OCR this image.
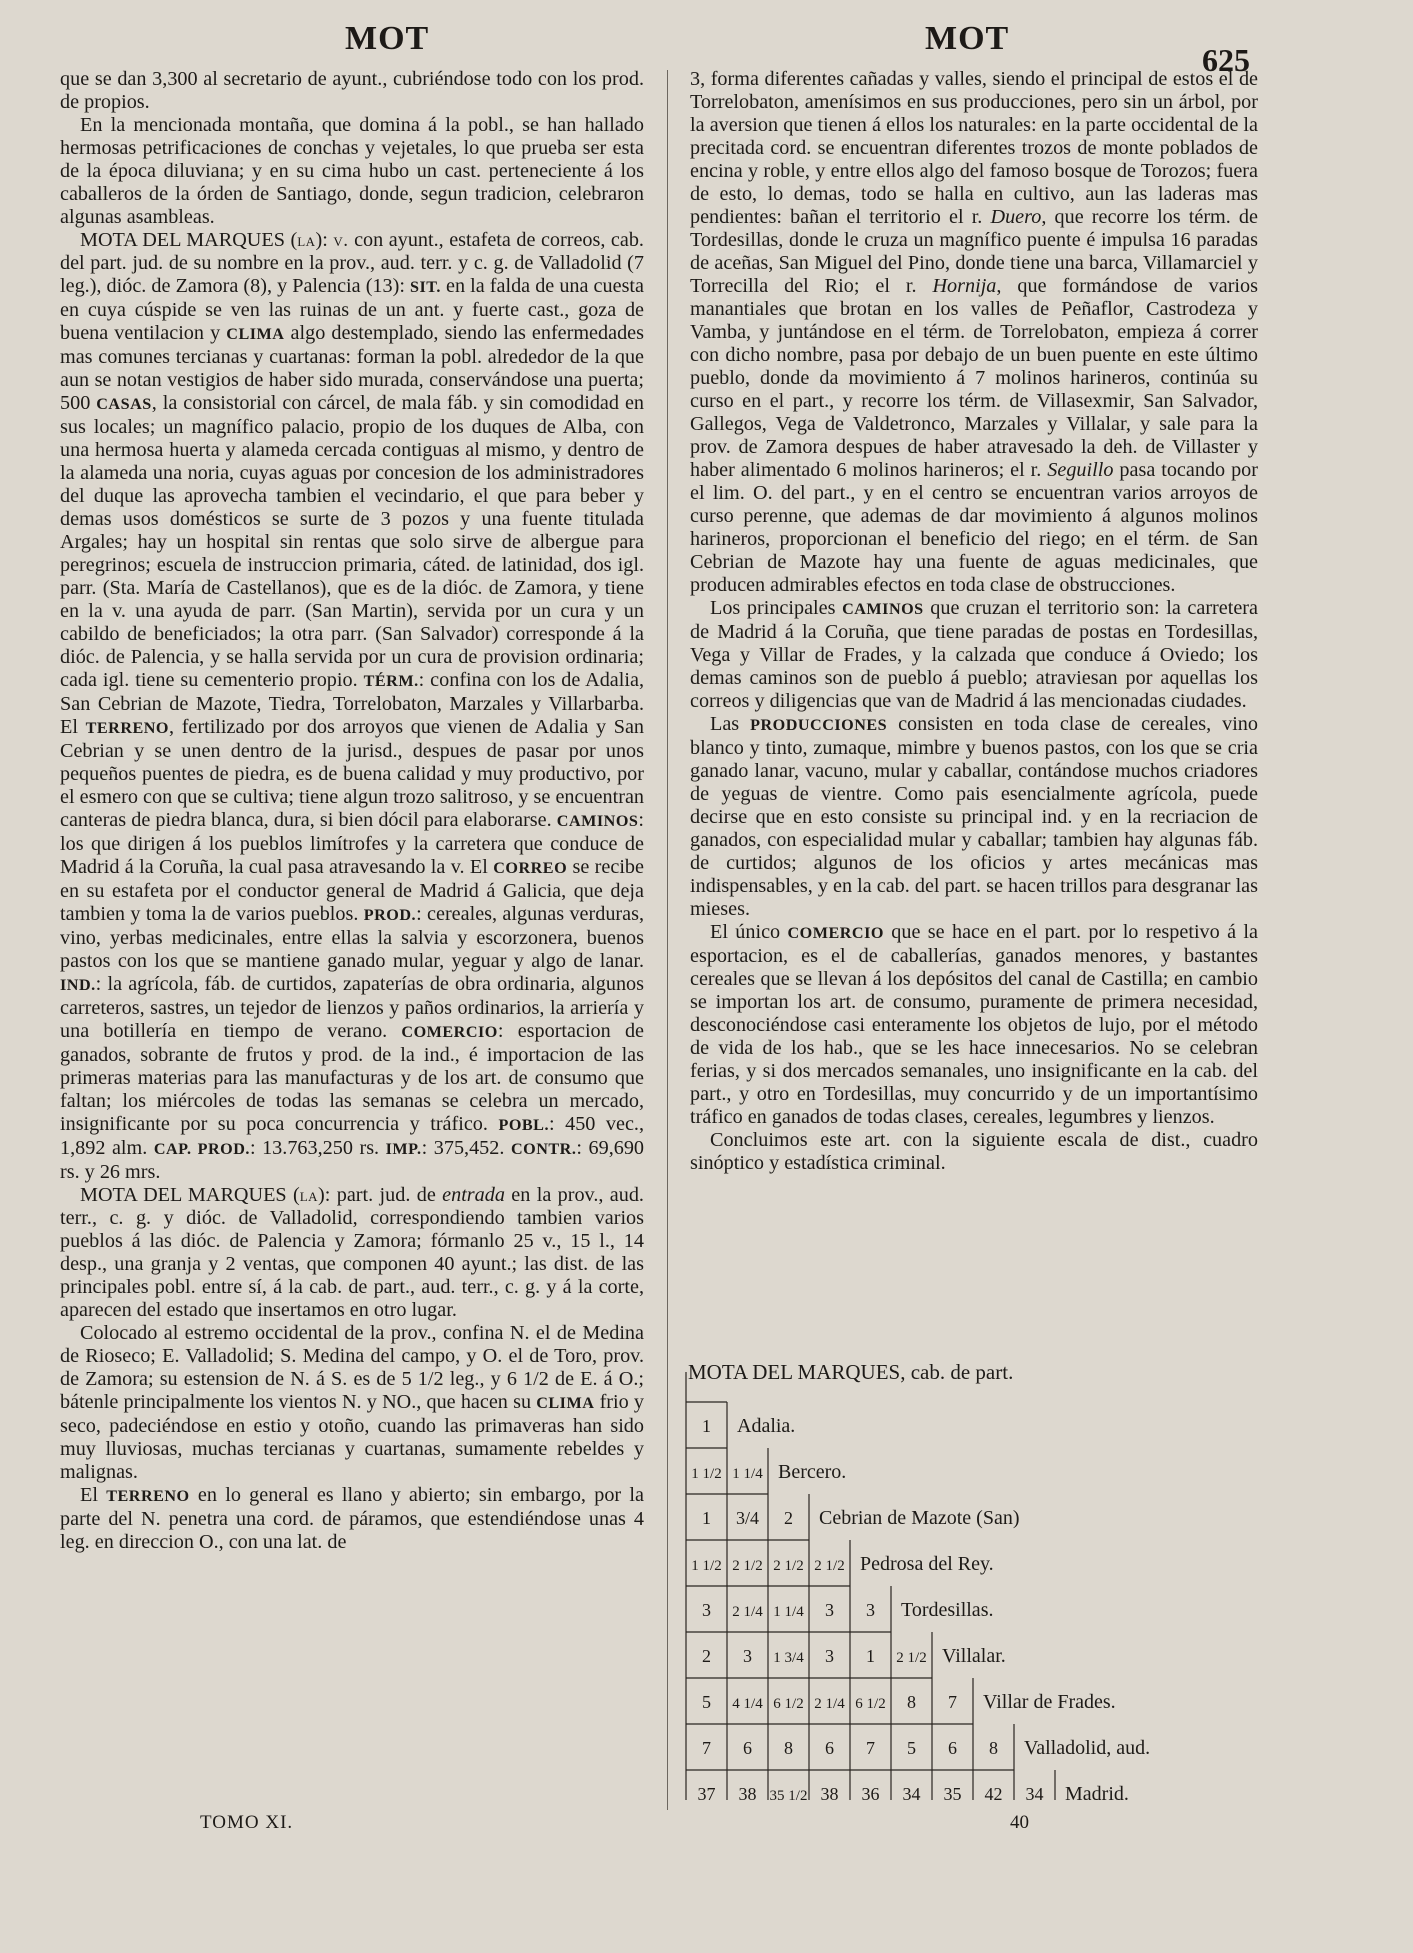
MOT	MOT
625

que se dan 3,300 al secretario de ayunt., cubriéndose todo con los prod. de propios.

En la mencionada montaña, que domina á la pobl., se han hallado hermosas petrificaciones de conchas y vejetales, lo que prueba ser esta de la época diluviana; y en su cima hubo un cast. perteneciente á los caballeros de la órden de Santiago, donde, segun tradicion, celebraron algunas asambleas.

MOTA DEL MARQUES (la): v. con ayunt., estafeta de correos, cab. del part. jud. de su nombre en la prov., aud. terr. y c. g. de Valladolid (7 leg.), dióc. de Zamora (8), y Palencia (13): SIT. en la falda de una cuesta en cuya cúspide se ven las ruinas de un ant. y fuerte cast., goza de buena ventilacion y CLIMA algo destemplado, siendo las enfermedades mas comunes tercianas y cuartanas: forman la pobl. alrededor de la que aun se notan vestigios de haber sido murada, conservándose una puerta; 500 CASAS, la consistorial con cárcel, de mala fáb. y sin comodidad en sus locales; un magnífico palacio, propio de los duques de Alba, con una hermosa huerta y alameda cercada contiguas al mismo, y dentro de la alameda una noria, cuyas aguas por concesion de los administradores del duque las aprovecha tambien el vecindario, el que para beber y demas usos domésticos se surte de 3 pozos y una fuente titulada Argales; hay un hospital sin rentas que solo sirve de albergue para peregrinos; escuela de instruccion primaria, cáted. de latinidad, dos igl. parr. (Sta. María de Castellanos), que es de la dióc. de Zamora, y tiene en la v. una ayuda de parr. (San Martin), servida por un cura y un cabildo de beneficiados; la otra parr. (San Salvador) corresponde á la dióc. de Palencia, y se halla servida por un cura de provision ordinaria; cada igl. tiene su cementerio propio. TÉRM.: confina con los de Adalia, San Cebrian de Mazote, Tiedra, Torrelobaton, Marzales y Villarbarba. El TERRENO, fertilizado por dos arroyos que vienen de Adalia y San Cebrian y se unen dentro de la jurisd., despues de pasar por unos pequeños puentes de piedra, es de buena calidad y muy productivo, por el esmero con que se cultiva; tiene algun trozo salitroso, y se encuentran canteras de piedra blanca, dura, si bien dócil para elaborarse. CAMINOS: los que dirigen á los pueblos limítrofes y la carretera que conduce de Madrid á la Coruña, la cual pasa atravesando la v. El CORREO se recibe en su estafeta por el conductor general de Madrid á Galicia, que deja tambien y toma la de varios pueblos. PROD.: cereales, algunas verduras, vino, yerbas medicinales, entre ellas la salvia y escorzonera, buenos pastos con los que se mantiene ganado mular, yeguar y algo de lanar. IND.: la agrícola, fáb. de curtidos, zapaterías de obra ordinaria, algunos carreteros, sastres, un tejedor de lienzos y paños ordinarios, la arriería y una botillería en tiempo de verano. COMERCIO: esportacion de ganados, sobrante de frutos y prod. de la ind., é importacion de las primeras materias para las manufacturas y de los art. de consumo que faltan; los miércoles de todas las semanas se celebra un mercado, insignificante por su poca concurrencia y tráfico. POBL.: 450 vec., 1,892 alm. CAP. PROD.: 13.763,250 rs. IMP.: 375,452. CONTR.: 69,690 rs. y 26 mrs.

MOTA DEL MARQUES (la): part. jud. de entrada en la prov., aud. terr., c. g. y dióc. de Valladolid, correspondiendo tambien varios pueblos á las dióc. de Palencia y Zamora; fórmanlo 25 v., 15 l., 14 desp., una granja y 2 ventas, que componen 40 ayunt.; las dist. de las principales pobl. entre sí, á la cab. de part., aud. terr., c. g. y á la corte, aparecen del estado que insertamos en otro lugar.

Colocado al estremo occidental de la prov., confina N. el de Medina de Rioseco; E. Valladolid; S. Medina del campo, y O. el de Toro, prov. de Zamora; su estension de N. á S. es de 5 1/2 leg., y 6 1/2 de E. á O.; bátenle principalmente los vientos N. y NO., que hacen su CLIMA frio y seco, padeciéndose en estio y otoño, cuando las primaveras han sido muy lluviosas, muchas tercianas y cuartanas, sumamente rebeldes y malignas.

El TERRENO en lo general es llano y abierto; sin embargo, por la parte del N. penetra una cord. de páramos, que estendiéndose unas 4 leg. en direccion O., con una lat. de

3, forma diferentes cañadas y valles, siendo el principal de estos el de Torrelobaton, amenísimos en sus producciones, pero sin un árbol, por la aversion que tienen á ellos los naturales: en la parte occidental de la precitada cord. se encuentran diferentes trozos de monte poblados de encina y roble, y entre ellos algo del famoso bosque de Torozos; fuera de esto, lo demas, todo se halla en cultivo, aun las laderas mas pendientes: bañan el territorio el r. Duero, que recorre los térm. de Tordesillas, donde le cruza un magnífico puente é impulsa 16 paradas de aceñas, San Miguel del Pino, donde tiene una barca, Villamarciel y Torrecilla del Rio; el r. Hornija, que formándose de varios manantiales que brotan en los valles de Peñaflor, Castrodeza y Vamba, y juntándose en el térm. de Torrelobaton, empieza á correr con dicho nombre, pasa por debajo de un buen puente en este último pueblo, donde da movimiento á 7 molinos harineros, continúa su curso en el part., y recorre los térm. de Villasexmir, San Salvador, Gallegos, Vega de Valdetronco, Marzales y Villalar, y sale para la prov. de Zamora despues de haber atravesado la deh. de Villaster y haber alimentado 6 molinos harineros; el r. Seguillo pasa tocando por el lim. O. del part., y en el centro se encuentran varios arroyos de curso perenne, que ademas de dar movimiento á algunos molinos harineros, proporcionan el beneficio del riego; en el térm. de San Cebrian de Mazote hay una fuente de aguas medicinales, que producen admirables efectos en toda clase de obstrucciones.

Los principales CAMINOS que cruzan el territorio son: la carretera de Madrid á la Coruña, que tiene paradas de postas en Tordesillas, Vega y Villar de Frades, y la calzada que conduce á Oviedo; los demas caminos son de pueblo á pueblo; atraviesan por aquellas los correos y diligencias que van de Madrid á las mencionadas ciudades.

Las PRODUCCIONES consisten en toda clase de cereales, vino blanco y tinto, zumaque, mimbre y buenos pastos, con los que se cria ganado lanar, vacuno, mular y caballar, contándose muchos criadores de yeguas de vientre. Como pais esencialmente agrícola, puede decirse que en esto consiste su principal ind. y en la recriacion de ganados, con especialidad mular y caballar; tambien hay algunas fáb. de curtidos; algunos de los oficios y artes mecánicas mas indispensables, y en la cab. del part. se hacen trillos para desgranar las mieses.

El único COMERCIO que se hace en el part. por lo respetivo á la esportacion, es el de caballerías, ganados menores, y bastantes cereales que se llevan á los depósitos del canal de Castilla; en cambio se importan los art. de consumo, puramente de primera necesidad, desconociéndose casi enteramente los objetos de lujo, por el método de vida de los hab., que se les hace innecesarios. No se celebran ferias, y si dos mercados semanales, uno insignificante en la cab. del part., y otro en Tordesillas, muy concurrido y de un importantísimo tráfico en ganados de todas clases, cereales, legumbres y lienzos.

Concluimos este art. con la siguiente escala de dist., cuadro sinóptico y estadística criminal.

MOTA DEL MARQUES, cab. de part.
1 Adalia.
1 1/2 1 1/4 Bercero.
1 3/4 2 Cebrian de Mazote (San)
1 1/2 2 1/2 2 1/2 2 1/2 Pedrosa del Rey.
3 2 1/4 1 1/4 3 3 Tordesillas.
2 3 1 3/4 3 1 2 1/2 Villalar.
5 4 1/4 6 1/2 2 1/4 6 1/2 8 7 Villar de Frades.
7 6 8 6 7 5 6 8 Valladolid, aud.
37 38 35 1/2 38 36 34 35 42 34 Madrid.
TOMO XI.	40
